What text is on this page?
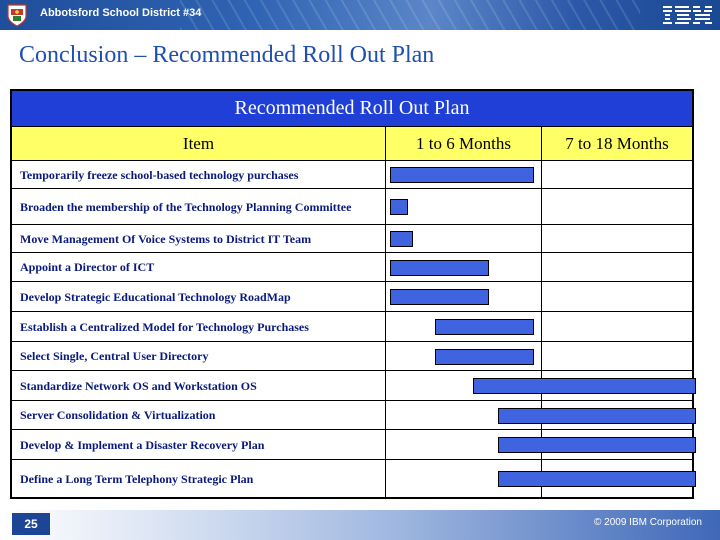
Abbotsford School District #34
Conclusion – Recommended Roll Out Plan
Recommended Roll Out Plan
Item	1 to 6 Months	7 to 18 Months
Temporarily freeze school-based technology purchases
Broaden the membership of the Technology Planning Committee
Move Management Of Voice Systems to District IT Team
Appoint a Director of ICT
Develop Strategic Educational Technology RoadMap
Establish a Centralized Model for Technology Purchases
Select Single, Central User Directory
Standardize Network OS and Workstation OS
Server Consolidation & Virtualization
Develop & Implement a Disaster Recovery Plan
Define a Long Term Telephony Strategic Plan
25	© 2009 IBM Corporation
